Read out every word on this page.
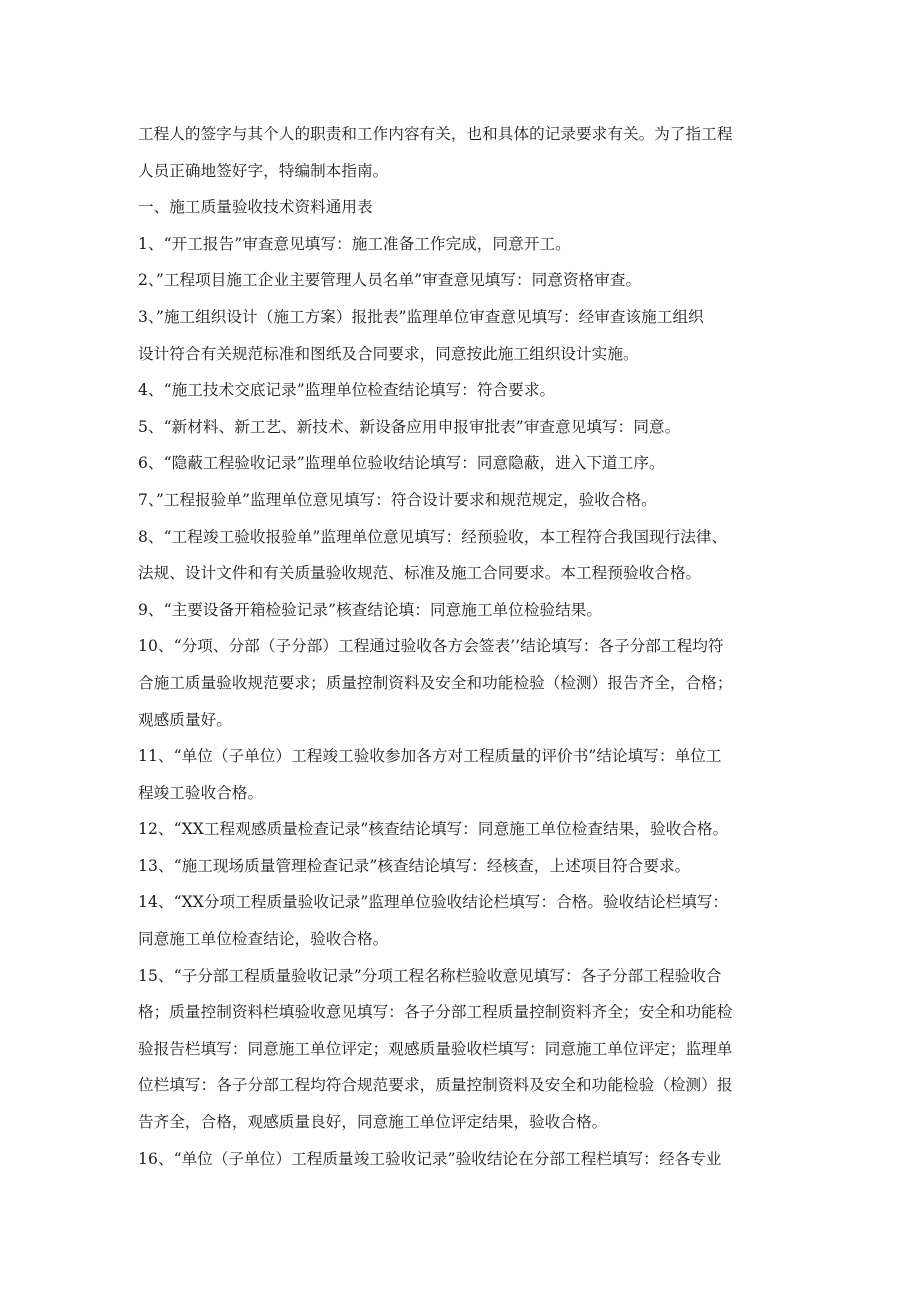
工程人的签字与其个人的职责和工作内容有关，也和具体的记录要求有关。为了指工程
人员正确地签好字，特编制本指南。
一、施工质量验收技术资料通用表
1、“开工报告”审查意见填写：施工准备工作完成，同意开工。
2、”工程项目施工企业主要管理人员名单”审查意见填写：同意资格审查。
3、”施工组织设计（施工方案）报批表”监理单位审查意见填写：经审查该施工组织
设计符合有关规范标准和图纸及合同要求，同意按此施工组织设计实施。
4、“施工技术交底记录”监理单位检查结论填写：符合要求。
5、“新材料、新工艺、新技术、新设备应用申报审批表”审查意见填写：同意。
6、“隐蔽工程验收记录”监理单位验收结论填写：同意隐蔽，进入下道工序。
7、”工程报验单”监理单位意见填写：符合设计要求和规范规定，验收合格。
8、“工程竣工验收报验单”监理单位意见填写：经预验收，本工程符合我国现行法律、
法规、设计文件和有关质量验收规范、标准及施工合同要求。本工程预验收合格。
9、“主要设备开箱检验记录”核查结论填：同意施工单位检验结果。
10、“分项、分部（子分部）工程通过验收各方会签表’’结论填写：各子分部工程均符
合施工质量验收规范要求；质量控制资料及安全和功能检验（检测）报告齐全，合格；
观感质量好。
11、“单位（子单位）工程竣工验收参加各方对工程质量的评价书”结论填写：单位工
程竣工验收合格。
12、“XX工程观感质量检查记录”核查结论填写：同意施工单位检查结果，验收合格。
13、“施工现场质量管理检查记录”核查结论填写：经核查，上述项目符合要求。
14、“XX分项工程质量验收记录”监理单位验收结论栏填写：合格。验收结论栏填写：
同意施工单位检查结论，验收合格。
15、“子分部工程质量验收记录”分项工程名称栏验收意见填写：各子分部工程验收合
格；质量控制资料栏填验收意见填写：各子分部工程质量控制资料齐全；安全和功能检
验报告栏填写：同意施工单位评定；观感质量验收栏填写：同意施工单位评定；监理单
位栏填写：各子分部工程均符合规范要求，质量控制资料及安全和功能检验（检测）报
告齐全，合格，观感质量良好，同意施工单位评定结果，验收合格。
16、“单位（子单位）工程质量竣工验收记录”验收结论在分部工程栏填写：经各专业
